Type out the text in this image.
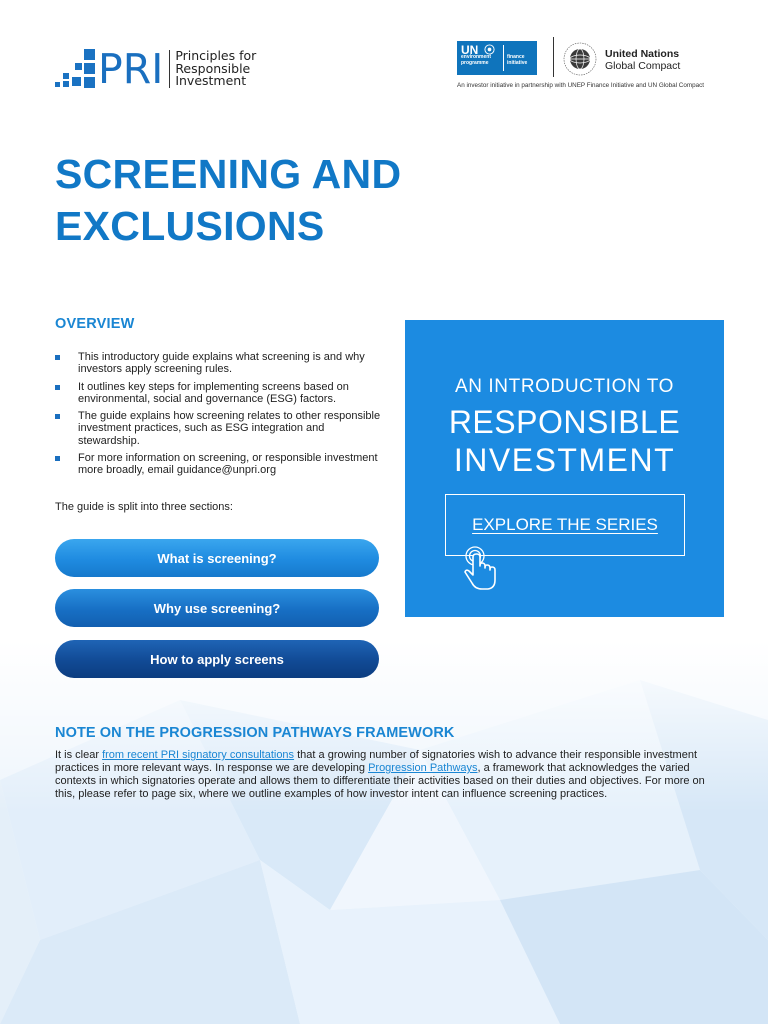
PRI Principles for
Responsible
Investment
UN
environment
programme
finance
initiative
United Nations
Global Compact
An investor initiative in partnership with UNEP Finance Initiative and UN Global Compact
SCREENING AND
EXCLUSIONS
OVERVIEW
This introductory guide explains what screening is and why investors apply screening rules.
It outlines key steps for implementing screens based on environmental, social and governance (ESG) factors.
The guide explains how screening relates to other responsible investment practices, such as ESG integration and stewardship.
For more information on screening, or responsible investment more broadly, email guidance@unpri.org

The guide is split into three sections:

What is screening?
Why use screening?
How to apply screens
AN INTRODUCTION TO
RESPONSIBLE
INVESTMENT
EXPLORE THE SERIES
NOTE ON THE PROGRESSION PATHWAYS FRAMEWORK

It is clear from recent PRI signatory consultations that a growing number of signatories wish to advance their responsible investment practices in more relevant ways. In response we are developing Progression Pathways, a framework that acknowledges the varied contexts in which signatories operate and allows them to differentiate their activities based on their duties and objectives. For more on this, please refer to page six, where we outline examples of how investor intent can influence screening practices.
